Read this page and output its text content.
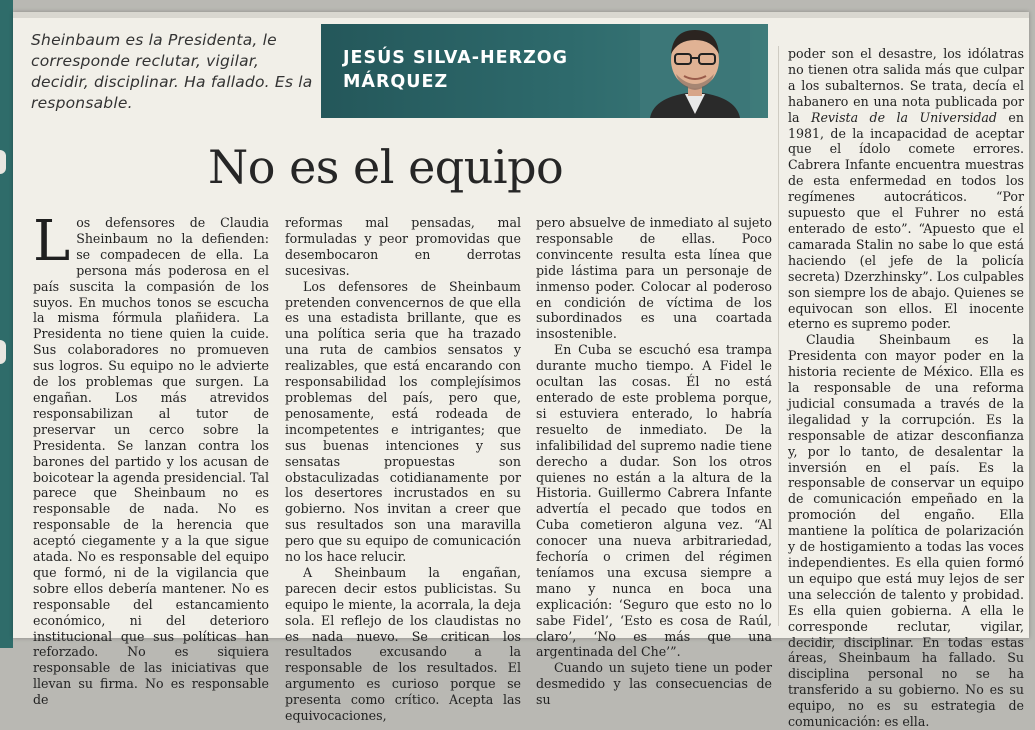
Sheinbaum es la Presidenta, le corresponde reclutar, vigilar, decidir, disciplinar. Ha fallado. Es la responsable.
JESÚS SILVA-HERZOG
MÁRQUEZ
No es el equipo

Los defensores de Claudia Sheinbaum no la defienden: se compadecen de ella. La persona más poderosa en el país suscita la compasión de los suyos. En muchos tonos se escucha la misma fórmula plañidera. La Presidenta no tiene quien la cuide. Sus colaboradores no promueven sus logros. Su equipo no le advierte de los problemas que surgen. La engañan. Los más atrevidos responsabilizan al tutor de preservar un cerco sobre la Presidenta. Se lanzan contra los barones del partido y los acusan de boicotear la agenda presidencial. Tal parece que Sheinbaum no es responsable de nada. No es responsable de la herencia que aceptó ciegamente y a la que sigue atada. No es responsable del equipo que formó, ni de la vigilancia que sobre ellos debería mantener. No es responsable del estancamiento económico, ni del deterioro institucional que sus políticas han reforzado. No es siquiera responsable de las iniciativas que llevan su firma. No es responsable de

reformas mal pensadas, mal formuladas y peor promovidas que desembocaron en derrotas sucesivas.

Los defensores de Sheinbaum pretenden convencernos de que ella es una estadista brillante, que es una política seria que ha trazado una ruta de cambios sensatos y realizables, que está encarando con responsabilidad los complejísimos problemas del país, pero que, penosamente, está rodeada de incompetentes e intrigantes; que sus buenas intenciones y sus sensatas propuestas son obstaculizadas cotidianamente por los desertores incrustados en su gobierno. Nos invitan a creer que sus resultados son una maravilla pero que su equipo de comunicación no los hace relucir.

A Sheinbaum la engañan, parecen decir estos publicistas. Su equipo le miente, la acorrala, la deja sola. El reflejo de los claudistas no es nada nuevo. Se critican los resultados excusando a la responsable de los resultados. El argumento es curioso porque se presenta como crítico. Acepta las equivocaciones,

pero absuelve de inmediato al sujeto responsable de ellas. Poco convincente resulta esta línea que pide lástima para un personaje de inmenso poder. Colocar al poderoso en condición de víctima de los subordinados es una coartada insostenible.

En Cuba se escuchó esa trampa durante mucho tiempo. A Fidel le ocultan las cosas. Él no está enterado de este problema porque, si estuviera enterado, lo habría resuelto de inmediato. De la infalibilidad del supremo nadie tiene derecho a dudar. Son los otros quienes no están a la altura de la Historia. Guillermo Cabrera Infante advertía el pecado que todos en Cuba cometieron alguna vez. “Al conocer una nueva arbitrariedad, fechoría o crimen del régimen teníamos una excusa siempre a mano y nunca en boca una explicación: ‘Seguro que esto no lo sabe Fidel’, ‘Esto es cosa de Raúl, claro’, ‘No es más que una argentinada del Che’”.

Cuando un sujeto tiene un poder desmedido y las consecuencias de su

poder son el desastre, los idólatras no tienen otra salida más que culpar a los subalternos. Se trata, decía el habanero en una nota publicada por la Revista de la Universidad en 1981, de la incapacidad de aceptar que el ídolo comete errores. Cabrera Infante encuentra muestras de esta enfermedad en todos los regímenes autocráticos. “Por supuesto que el Fuhrer no está enterado de esto”. “Apuesto que el camarada Stalin no sabe lo que está haciendo (el jefe de la policía secreta) Dzerzhinsky”. Los culpables son siempre los de abajo. Quienes se equivocan son ellos. El inocente eterno es supremo poder.

Claudia Sheinbaum es la Presidenta con mayor poder en la historia reciente de México. Ella es la responsable de una reforma judicial consumada a través de la ilegalidad y la corrupción. Es la responsable de atizar desconfianza y, por lo tanto, de desalentar la inversión en el país. Es la responsable de conservar un equipo de comunicación empeñado en la promoción del engaño. Ella mantiene la política de polarización y de hostigamiento a todas las voces independientes. Es ella quien formó un equipo que está muy lejos de ser una selección de talento y probidad. Es ella quien gobierna. A ella le corresponde reclutar, vigilar, decidir, disciplinar. En todas estas áreas, Sheinbaum ha fallado. Su disciplina personal no se ha transferido a su gobierno. No es su equipo, no es su estrategia de comunicación: es ella.
